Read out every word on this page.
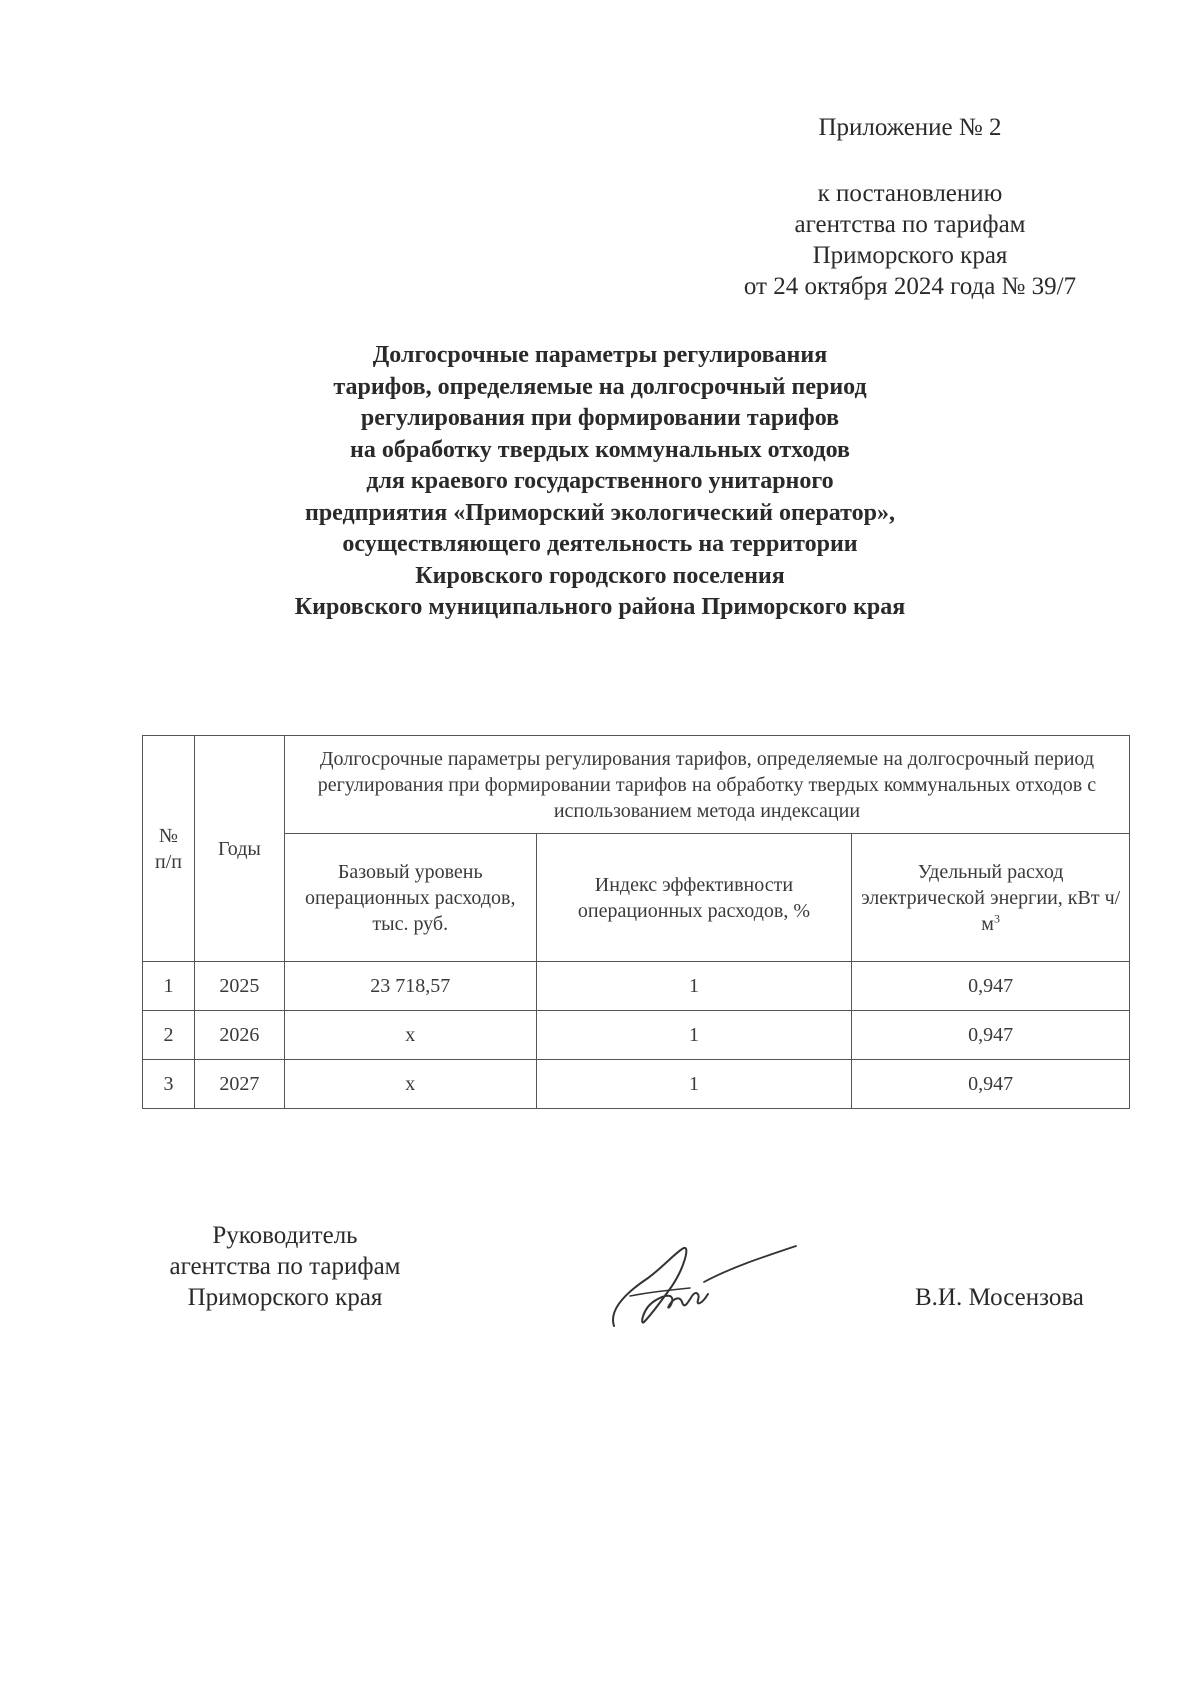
Приложение № 2
к постановлению
агентства по тарифам
Приморского края
от 24 октября 2024 года № 39/7
Долгосрочные параметры регулирования
тарифов, определяемые на долгосрочный период
регулирования при формировании тарифов
на обработку твердых коммунальных отходов
для краевого государственного унитарного
предприятия «Приморский экологический оператор»,
осуществляющего деятельность на территории
Кировского городского поселения
Кировского муниципального района Приморского края
№ п/п	Годы	Долгосрочные параметры регулирования тарифов, определяемые на долгосрочный период регулирования при формировании тарифов на обработку твердых коммунальных отходов с использованием метода индексации		
		Базовый уровень операционных расходов, тыс. руб.	Индекс эффективности операционных расходов, %	Удельный расход электрической энергии, кВт $ч/м^3$
1	2025	23 718,57	1	0,947
2	2026	х	1	0,947
3	2027	х	1	0,947
Руководитель
агентства по тарифам
Приморского края	В.И. Мосензова
